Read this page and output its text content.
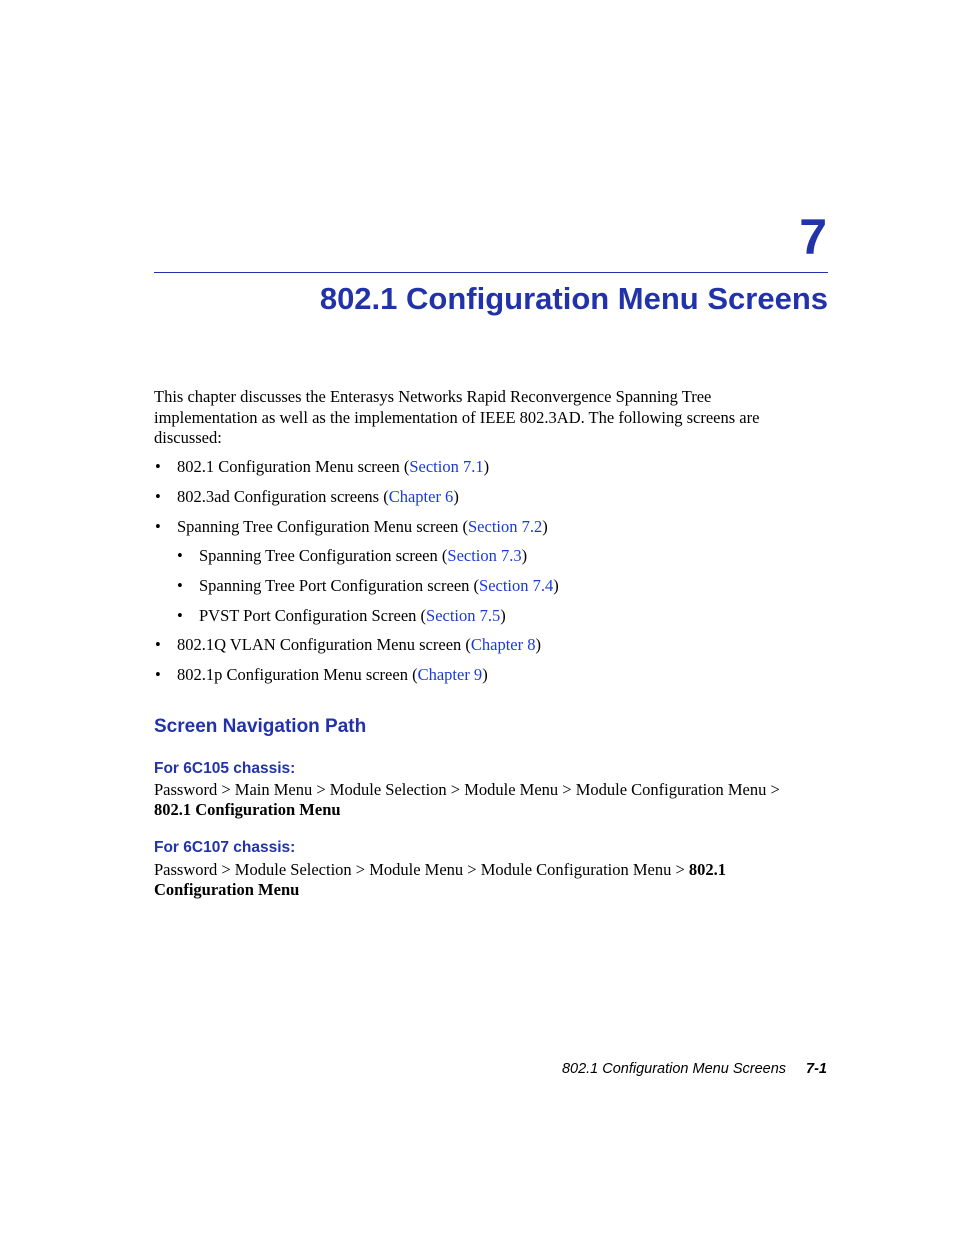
7
802.1 Configuration Menu Screens
This chapter discusses the Enterasys Networks Rapid Reconvergence Spanning Tree implementation as well as the implementation of IEEE 802.3AD. The following screens are discussed:
• 802.1 Configuration Menu screen (Section 7.1)
• 802.3ad Configuration screens (Chapter 6)
• Spanning Tree Configuration Menu screen (Section 7.2)
• Spanning Tree Configuration screen (Section 7.3)
• Spanning Tree Port Configuration screen (Section 7.4)
• PVST Port Configuration Screen (Section 7.5)
• 802.1Q VLAN Configuration Menu screen (Chapter 8)
• 802.1p Configuration Menu screen (Chapter 9)
Screen Navigation Path
For 6C105 chassis:
Password > Main Menu > Module Selection > Module Menu > Module Configuration Menu >
802.1 Configuration Menu
For 6C107 chassis:
Password > Module Selection > Module Menu > Module Configuration Menu > 802.1 Configuration Menu
802.1 Configuration Menu Screens 7-1
